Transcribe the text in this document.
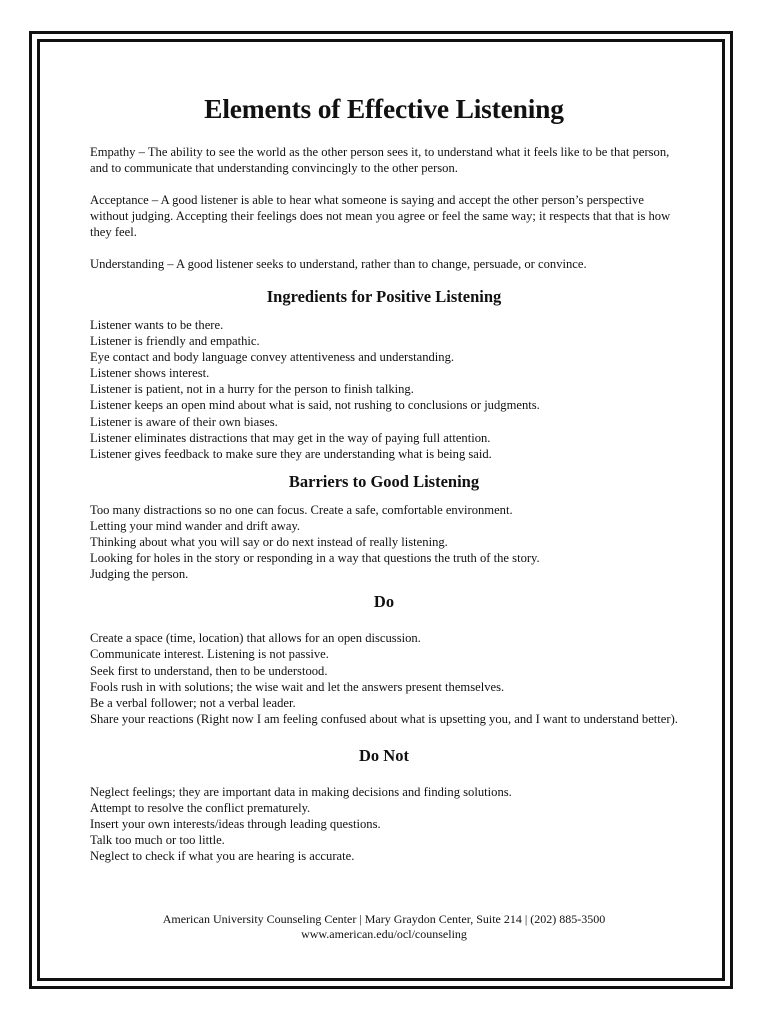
Elements of Effective Listening

Empathy – The ability to see the world as the other person sees it, to understand what it feels like to be that person, and to communicate that understanding convincingly to the other person.

Acceptance – A good listener is able to hear what someone is saying and accept the other person’s perspective without judging. Accepting their feelings does not mean you agree or feel the same way; it respects that that is how they feel.

Understanding – A good listener seeks to understand, rather than to change, persuade, or convince.

Ingredients for Positive Listening
Listener wants to be there.
Listener is friendly and empathic.
Eye contact and body language convey attentiveness and understanding.
Listener shows interest.
Listener is patient, not in a hurry for the person to finish talking.
Listener keeps an open mind about what is said, not rushing to conclusions or judgments.
Listener is aware of their own biases.
Listener eliminates distractions that may get in the way of paying full attention.
Listener gives feedback to make sure they are understanding what is being said.
Barriers to Good Listening
Too many distractions so no one can focus. Create a safe, comfortable environment.
Letting your mind wander and drift away.
Thinking about what you will say or do next instead of really listening.
Looking for holes in the story or responding in a way that questions the truth of the story.
Judging the person.
Do
Create a space (time, location) that allows for an open discussion.
Communicate interest. Listening is not passive.
Seek first to understand, then to be understood.
Fools rush in with solutions; the wise wait and let the answers present themselves.
Be a verbal follower; not a verbal leader.
Share your reactions (Right now I am feeling confused about what is upsetting you, and I want to understand better).
Do Not
Neglect feelings; they are important data in making decisions and finding solutions.
Attempt to resolve the conflict prematurely.
Insert your own interests/ideas through leading questions.
Talk too much or too little.
Neglect to check if what you are hearing is accurate.
American University Counseling Center | Mary Graydon Center, Suite 214 | (202) 885-3500
www.american.edu/ocl/counseling
